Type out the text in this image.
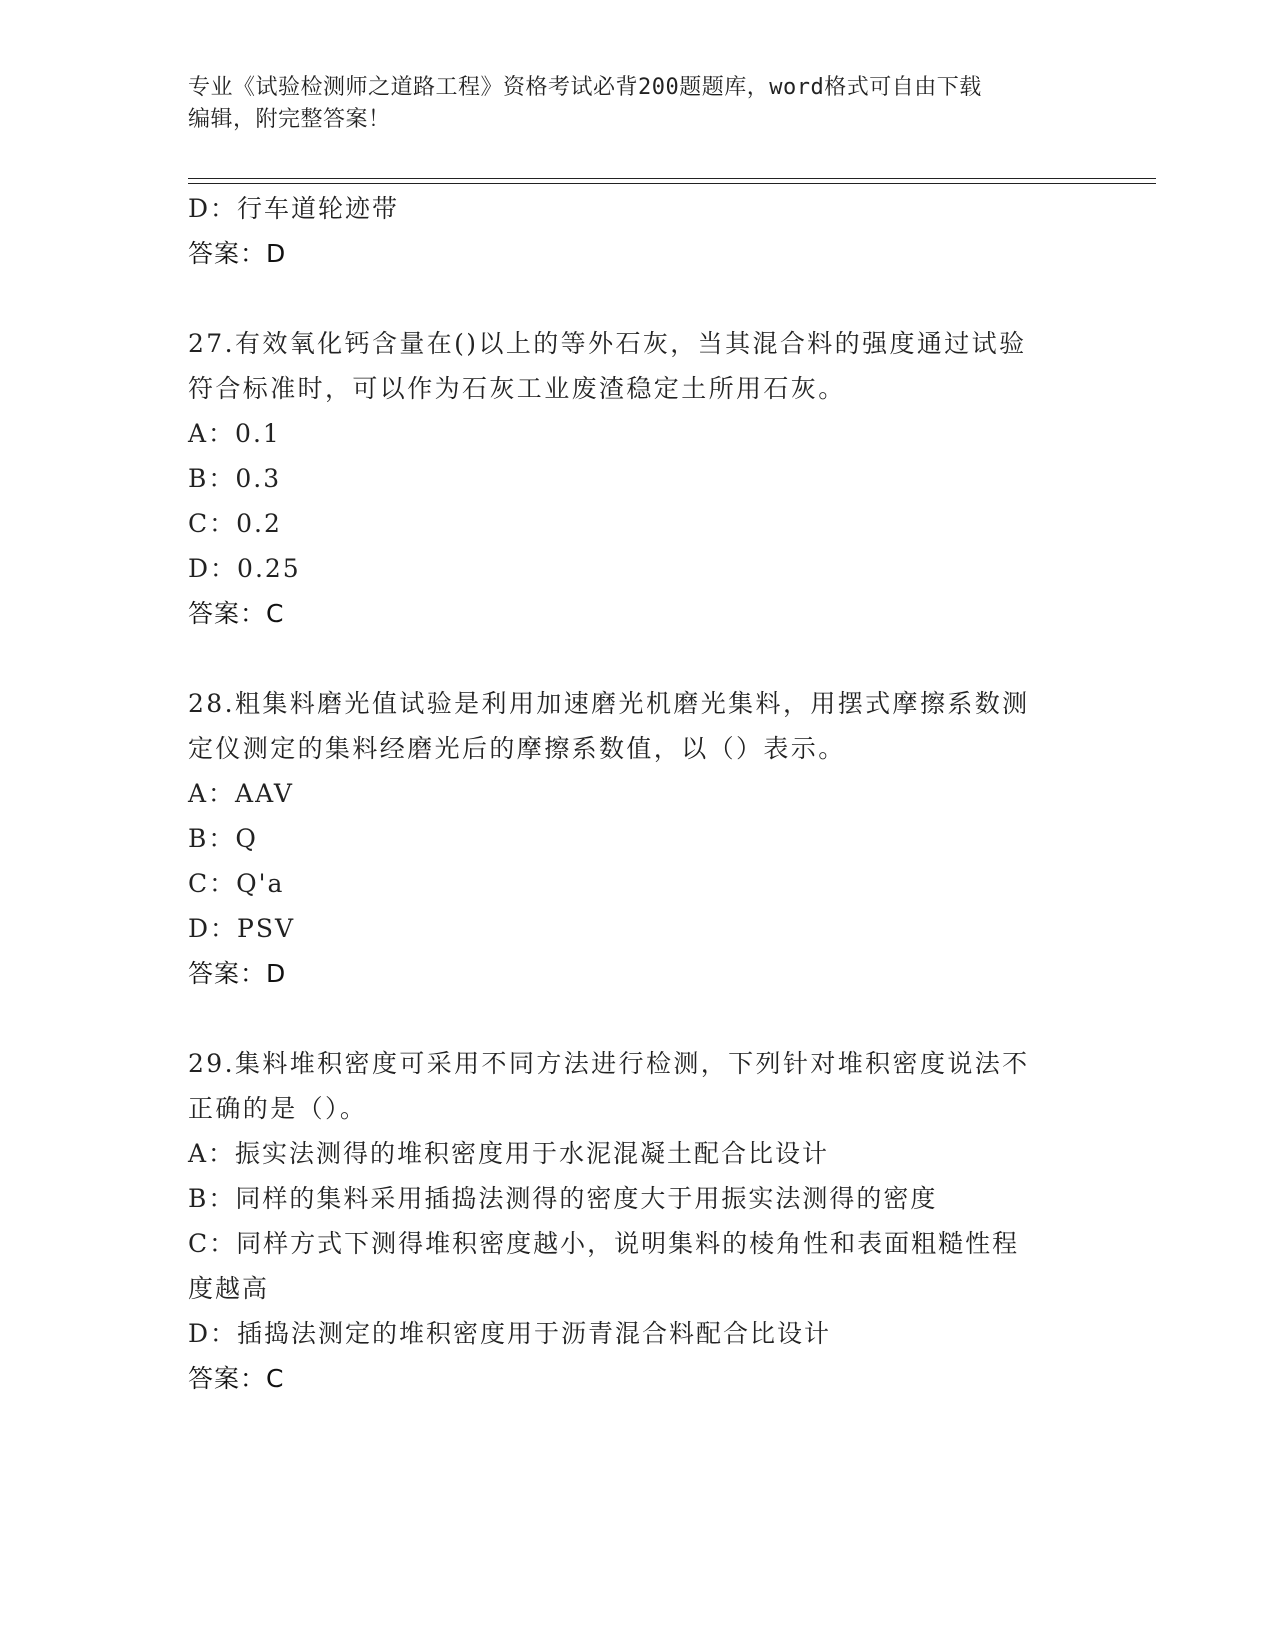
专业《试验检测师之道路工程》资格考试必背200题题库，word格式可自由下载
编辑，附完整答案！
D：行车道轮迹带
答案：D
27.有效氧化钙含量在()以上的等外石灰，当其混合料的强度通过试验
符合标准时，可以作为石灰工业废渣稳定土所用石灰。
A：0.1
B：0.3
C：0.2
D：0.25
答案：C
28.粗集料磨光值试验是利用加速磨光机磨光集料，用摆式摩擦系数测
定仪测定的集料经磨光后的摩擦系数值，以（）表示。
A：AAV
B：Q
C：Q'a
D：PSV
答案：D
29.集料堆积密度可采用不同方法进行检测，下列针对堆积密度说法不
正确的是（）。
A：振实法测得的堆积密度用于水泥混凝土配合比设计
B：同样的集料采用插捣法测得的密度大于用振实法测得的密度
C：同样方式下测得堆积密度越小，说明集料的棱角性和表面粗糙性程
度越高
D：插捣法测定的堆积密度用于沥青混合料配合比设计
答案：C
